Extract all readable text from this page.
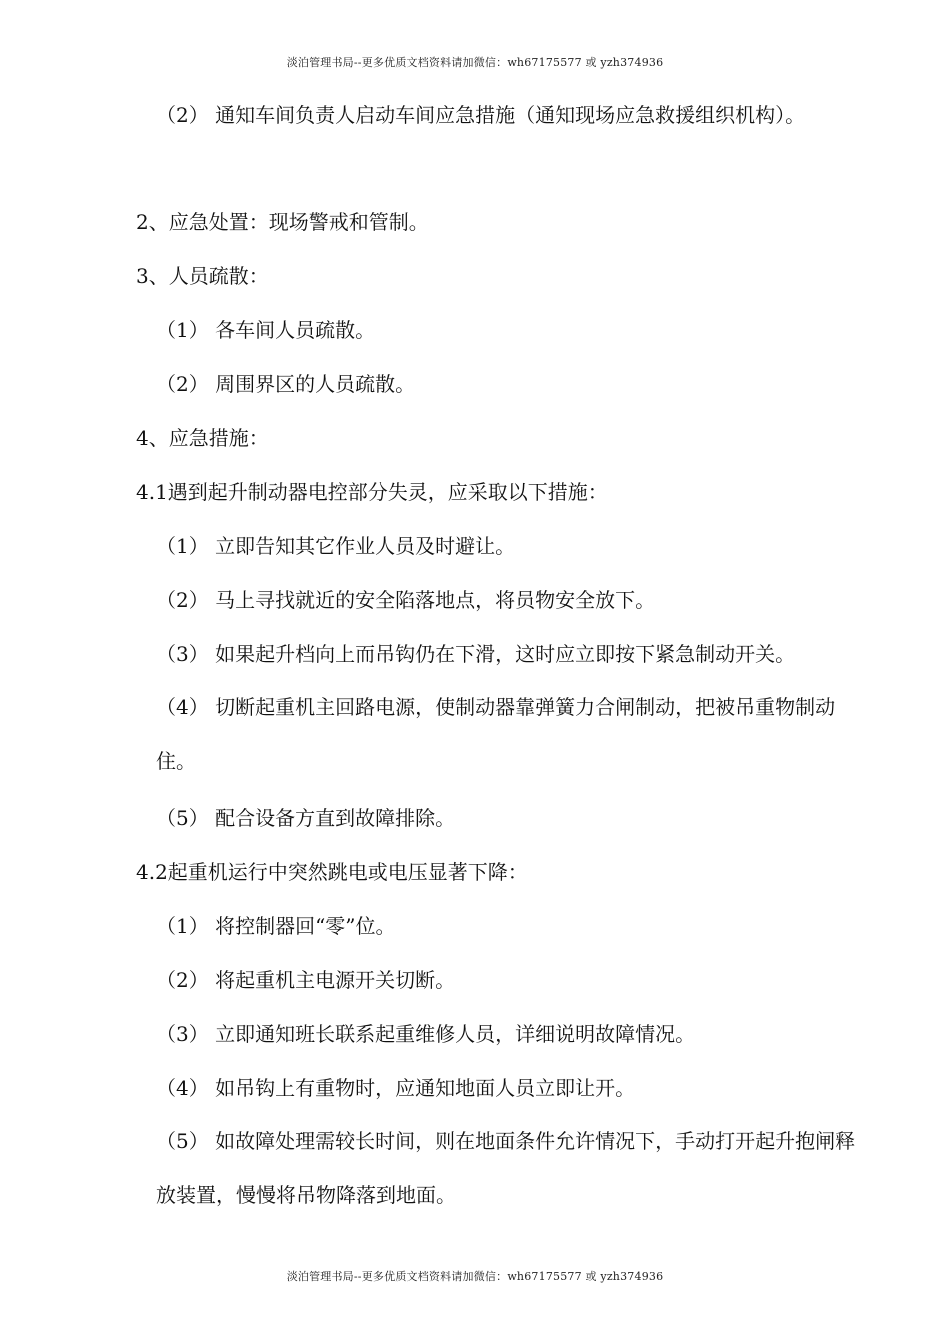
淡泊管理书局--更多优质文档资料请加微信：wh67175577 或 yzh374936

（2） 通知车间负责人启动车间应急措施（通知现场应急救援组织机构）。

2、应急处置：现场警戒和管制。

3、人员疏散：

（1） 各车间人员疏散。

（2） 周围界区的人员疏散。

4、应急措施：

4.1遇到起升制动器电控部分失灵，应采取以下措施：

（1） 立即告知其它作业人员及时避让。

（2） 马上寻找就近的安全陷落地点，将员物安全放下。

（3） 如果起升档向上而吊钩仍在下滑，这时应立即按下紧急制动开关。

（4） 切断起重机主回路电源，使制动器靠弹簧力合闸制动，把被吊重物制动住。

（5） 配合设备方直到故障排除。

4.2起重机运行中突然跳电或电压显著下降：

（1） 将控制器回“零”位。

（2） 将起重机主电源开关切断。

（3） 立即通知班长联系起重维修人员，详细说明故障情况。

（4） 如吊钩上有重物时，应通知地面人员立即让开。

（5） 如故障处理需较长时间，则在地面条件允许情况下，手动打开起升抱闸释放装置，慢慢将吊物降落到地面。

淡泊管理书局--更多优质文档资料请加微信：wh67175577 或 yzh374936
